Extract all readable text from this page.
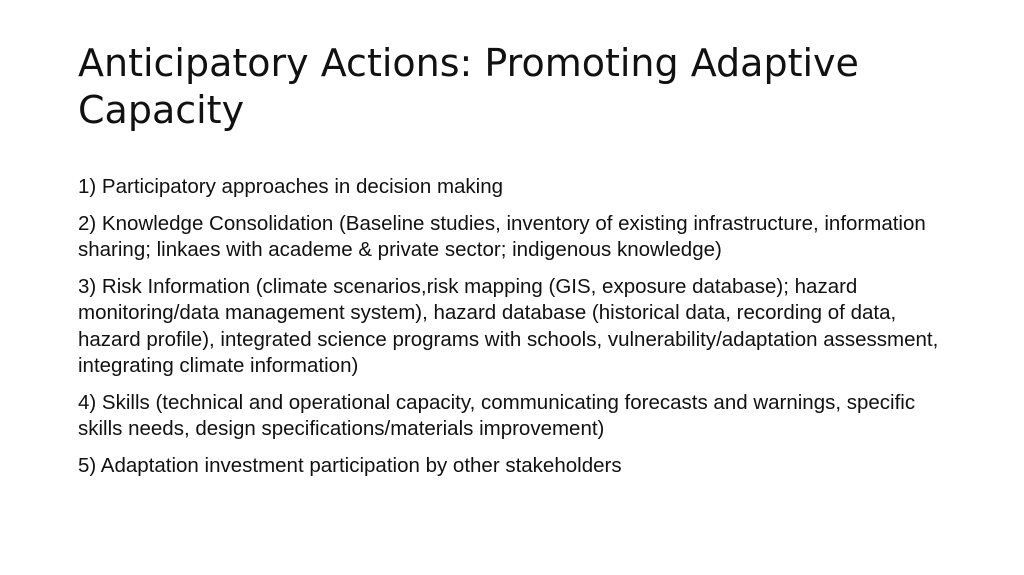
Anticipatory Actions: Promoting Adaptive Capacity
1) Participatory approaches in decision making
2) Knowledge Consolidation (Baseline studies, inventory of existing infrastructure, information sharing; linkaes with academe & private sector; indigenous knowledge)
3) Risk Information (climate scenarios,risk mapping (GIS, exposure database); hazard monitoring/data management system), hazard database (historical data, recording of data, hazard profile), integrated science programs with schools, vulnerability/adaptation assessment, integrating climate information)
4) Skills (technical and operational capacity, communicating forecasts and warnings, specific skills needs, design specifications/materials improvement)
5) Adaptation investment participation by other stakeholders
